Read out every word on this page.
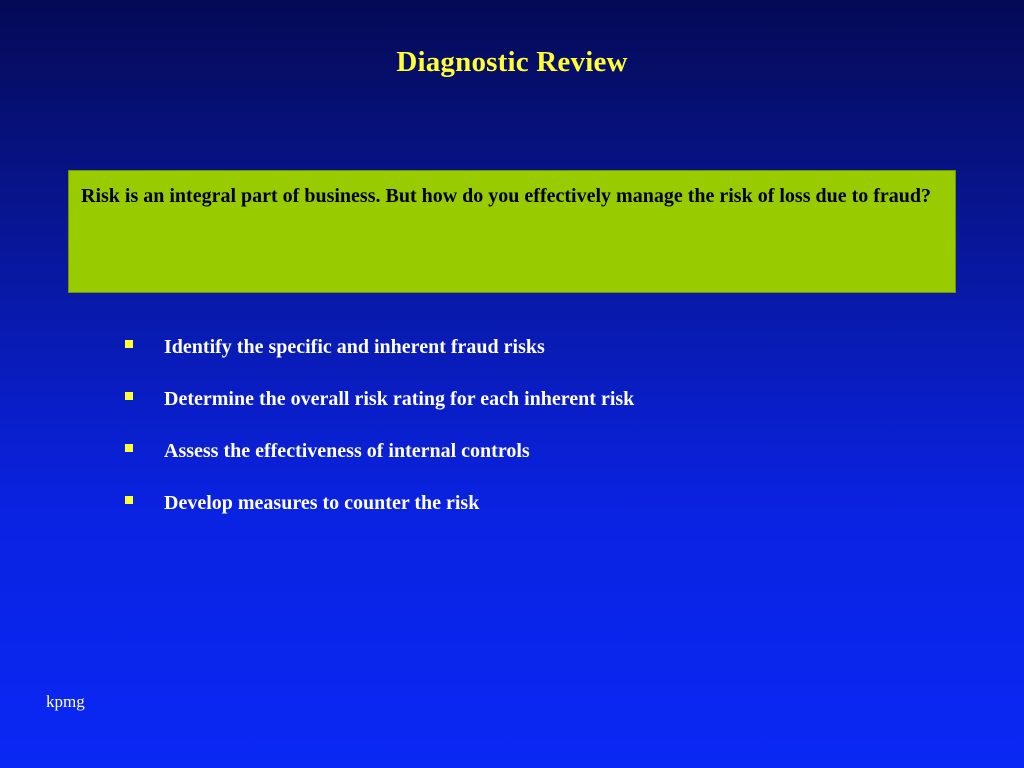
Diagnostic Review

Risk is an integral part of business. But how do you effectively manage the risk of loss due to fraud?

Identify the specific and inherent fraud risks
Determine the overall risk rating for each inherent risk
Assess the effectiveness of internal controls
Develop measures to counter the risk
kpmg
